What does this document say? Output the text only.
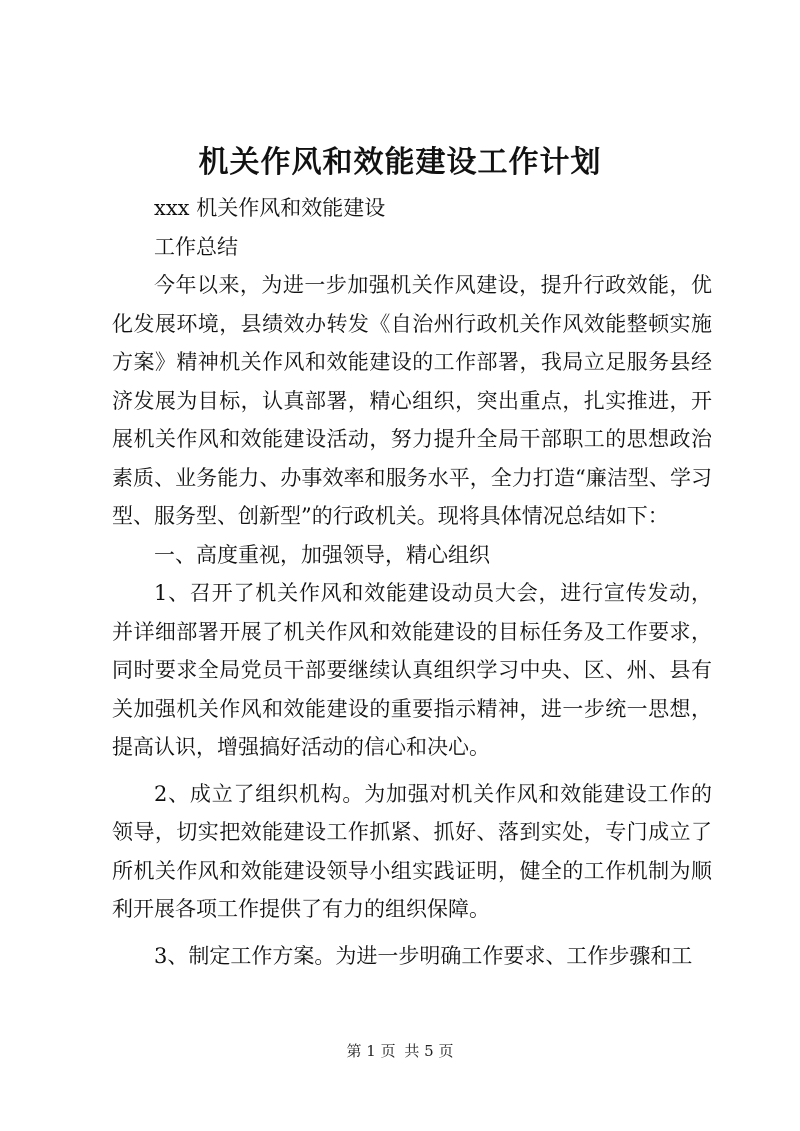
机关作风和效能建设工作计划

xxx 机关作风和效能建设

工作总结

今年以来，为进一步加强机关作风建设，提升行政效能，优化发展环境，县绩效办转发《自治州行政机关作风效能整顿实施方案》精神机关作风和效能建设的工作部署，我局立足服务县经济发展为目标，认真部署，精心组织，突出重点，扎实推进，开展机关作风和效能建设活动，努力提升全局干部职工的思想政治素质、业务能力、办事效率和服务水平，全力打造“廉洁型、学习型、服务型、创新型”的行政机关。现将具体情况总结如下：

一、高度重视，加强领导，精心组织

1、召开了机关作风和效能建设动员大会，进行宣传发动，并详细部署开展了机关作风和效能建设的目标任务及工作要求，同时要求全局党员干部要继续认真组织学习中央、区、州、县有关加强机关作风和效能建设的重要指示精神，进一步统一思想，提高认识，增强搞好活动的信心和决心。

2、成立了组织机构。为加强对机关作风和效能建设工作的领导，切实把效能建设工作抓紧、抓好、落到实处，专门成立了所机关作风和效能建设领导小组实践证明，健全的工作机制为顺利开展各项工作提供了有力的组织保障。

3、制定工作方案。为进一步明确工作要求、工作步骤和工

第 1 页 共 5 页
